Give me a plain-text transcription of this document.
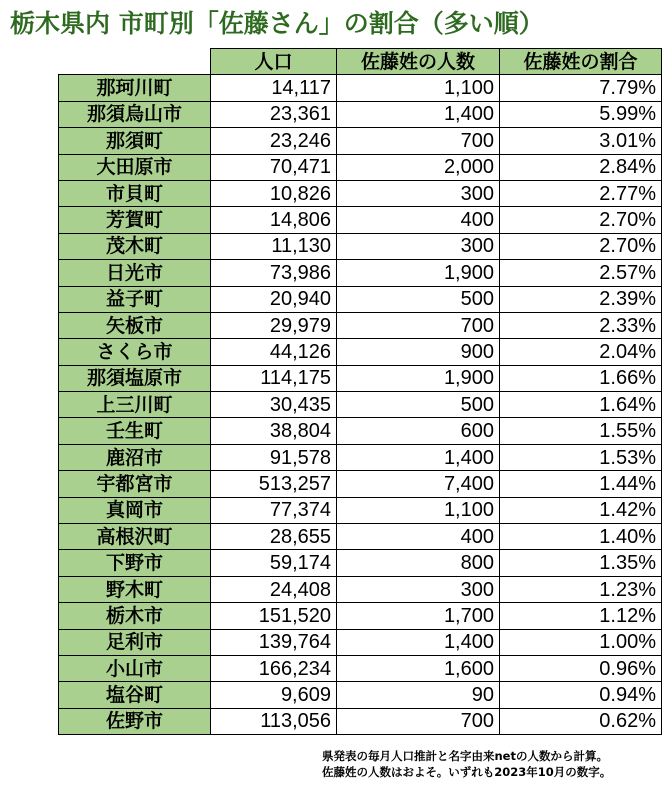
栃木県内 市町別「佐藤さん」の割合（多い順）
	人口	佐藤姓の人数	佐藤姓の割合
那珂川町	14,117	1,100	7.79%
那須烏山市	23,361	1,400	5.99%
那須町	23,246	700	3.01%
大田原市	70,471	2,000	2.84%
市貝町	10,826	300	2.77%
芳賀町	14,806	400	2.70%
茂木町	11,130	300	2.70%
日光市	73,986	1,900	2.57%
益子町	20,940	500	2.39%
矢板市	29,979	700	2.33%
さくら市	44,126	900	2.04%
那須塩原市	114,175	1,900	1.66%
上三川町	30,435	500	1.64%
壬生町	38,804	600	1.55%
鹿沼市	91,578	1,400	1.53%
宇都宮市	513,257	7,400	1.44%
真岡市	77,374	1,100	1.42%
高根沢町	28,655	400	1.40%
下野市	59,174	800	1.35%
野木町	24,408	300	1.23%
栃木市	151,520	1,700	1.12%
足利市	139,764	1,400	1.00%
小山市	166,234	1,600	0.96%
塩谷町	9,609	90	0.94%
佐野市	113,056	700	0.62%
県発表の毎月人口推計と名字由来netの人数から計算。
佐藤姓の人数はおよそ。いずれも2023年10月の数字。
